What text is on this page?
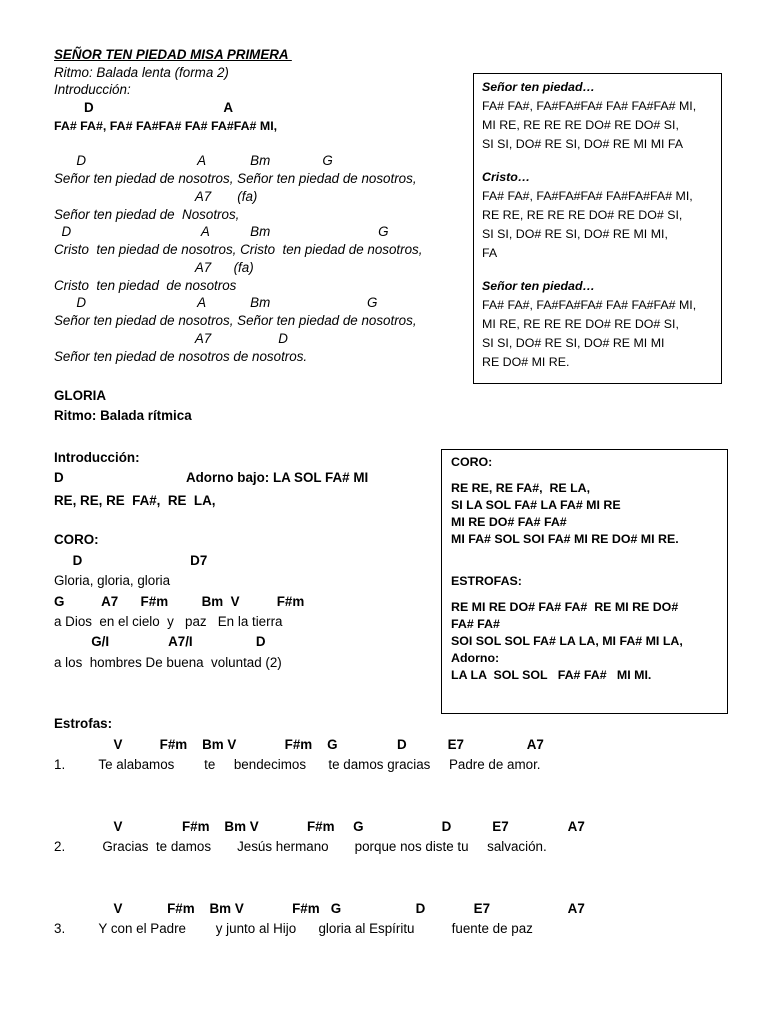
SEÑOR TEN PIEDAD MISA PRIMERA
Ritmo: Balada lenta (forma 2)
Introducción:
D                                   A
FA# FA#, FA# FA#FA# FA# FA#FA# MI,
D                              A            Bm              G
Señor ten piedad de nosotros, Señor ten piedad de nosotros,
A7       (fa)
Señor ten piedad de  Nosotros,
D                                   A           Bm                             G
Cristo  ten piedad de nosotros, Cristo  ten piedad de nosotros,
A7      (fa)
Cristo  ten piedad  de nosotros
D                              A            Bm                          G
Señor ten piedad de nosotros, Señor ten piedad de nosotros,
A7                  D
Señor ten piedad de nosotros de nosotros.
Señor ten piedad…
FA# FA#, FA#FA#FA# FA# FA#FA# MI,
MI RE, RE RE RE DO# RE DO# SI,
SI SI, DO# RE SI, DO# RE MI MI FA
Cristo…
FA# FA#, FA#FA#FA# FA#FA#FA# MI,
RE RE, RE RE RE DO# RE DO# SI,
SI SI, DO# RE SI, DO# RE MI MI,
FA
Señor ten piedad…
FA# FA#, FA#FA#FA# FA# FA#FA# MI,
MI RE, RE RE RE DO# RE DO# SI,
SI SI, DO# RE SI, DO# RE MI MI
RE DO# MI RE.
GLORIA
Ritmo: Balada rítmica
Introducción:
D                                 Adorno bajo: LA SOL FA# MI
RE, RE, RE  FA#,  RE  LA,
CORO:
D                             D7
Gloria, gloria, gloria
G          A7      F#m         Bm  V          F#m
a Dios  en el cielo  y   paz   En la tierra
G/I                A7/I                 D
a los  hombres De buena  voluntad (2)
Estrofas:
V          F#m    Bm V             F#m    G                D           E7                 A7
1.         Te alabamos        te     bendecimos      te damos gracias     Padre de amor.
V                F#m    Bm V             F#m     G                     D           E7                A7
2.          Gracias  te damos       Jesús hermano       porque nos diste tu     salvación.
V            F#m    Bm V             F#m   G                    D             E7                     A7
3.         Y con el Padre        y junto al Hijo      gloria al Espíritu          fuente de paz
CORO:
RE RE, RE FA#,  RE LA,
SI LA SOL FA# LA FA# MI RE
MI RE DO# FA# FA#
MI FA# SOL SOI FA# MI RE DO# MI RE.
ESTROFAS:
RE MI RE DO# FA# FA#  RE MI RE DO#
FA# FA#
SOI SOL SOL FA# LA LA, MI FA# MI LA,
Adorno:
LA LA  SOL SOL   FA# FA#   MI MI.
